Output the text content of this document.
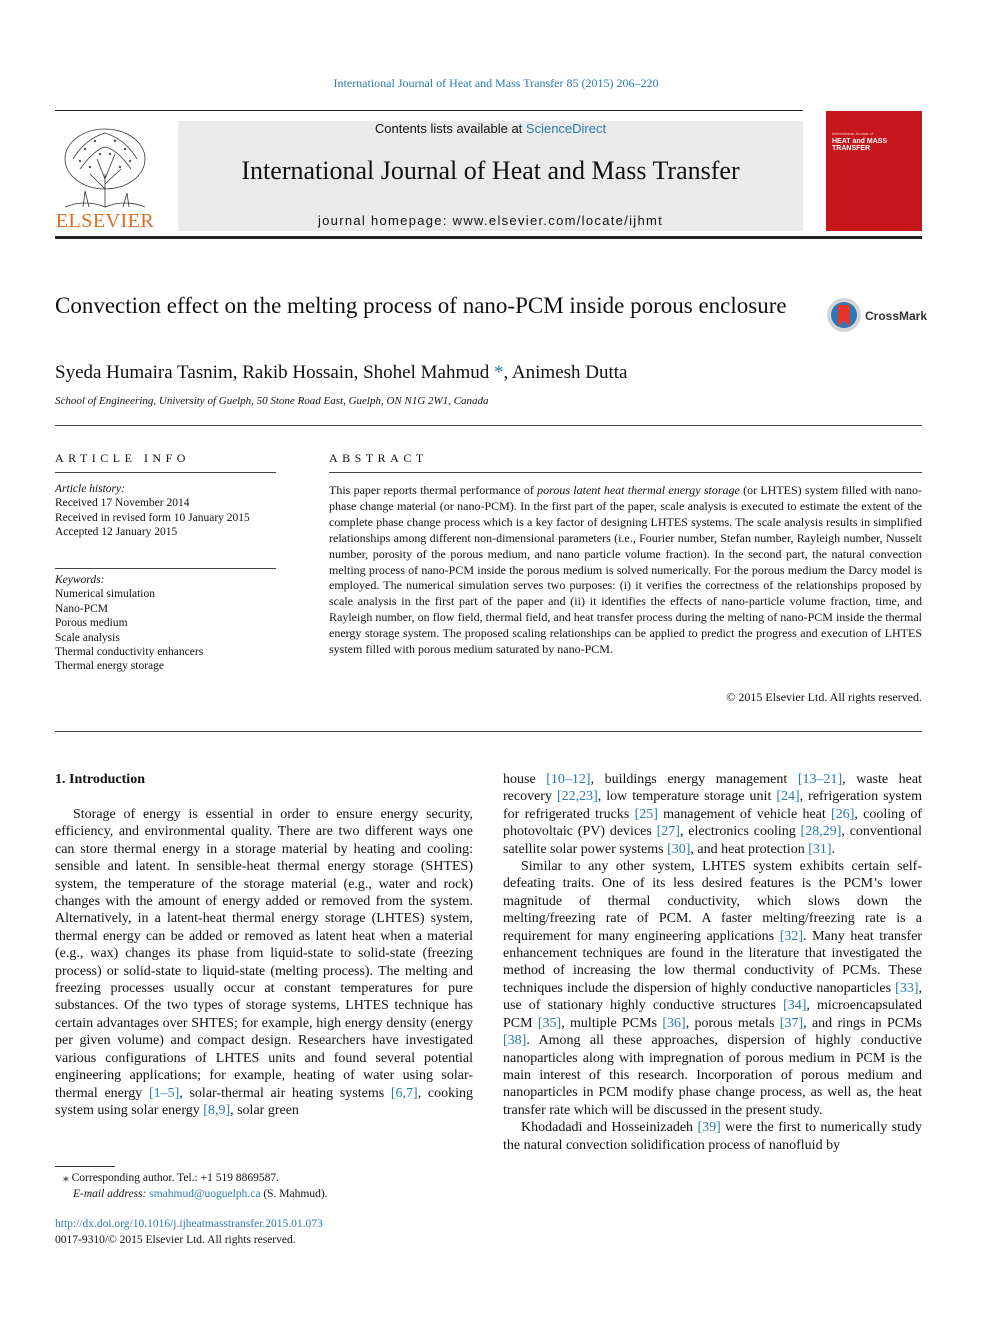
International Journal of Heat and Mass Transfer 85 (2015) 206–220
ELSEVIER
Contents lists available at ScienceDirect
International Journal of Heat and Mass Transfer
journal homepage: www.elsevier.com/locate/ijhmt
International Journal of
HEAT and MASS TRANSFER
Convection effect on the melting process of nano-PCM inside porous enclosure	CrossMark
Syeda Humaira Tasnim, Rakib Hossain, Shohel Mahmud *, Animesh Dutta
School of Engineering, University of Guelph, 50 Stone Road East, Guelph, ON N1G 2W1, Canada
ARTICLE INFO
Article history:
Received 17 November 2014
Received in revised form 10 January 2015
Accepted 12 January 2015
Keywords:
Numerical simulation
Nano-PCM
Porous medium
Scale analysis
Thermal conductivity enhancers
Thermal energy storage
ABSTRACT
This paper reports thermal performance of porous latent heat thermal energy storage (or LHTES) system filled with nano-phase change material (or nano-PCM). In the first part of the paper, scale analysis is executed to estimate the extent of the complete phase change process which is a key factor of designing LHTES systems. The scale analysis results in simplified relationships among different non-dimensional parameters (i.e., Fourier number, Stefan number, Rayleigh number, Nusselt number, porosity of the porous medium, and nano particle volume fraction). In the second part, the natural convection melting process of nano-PCM inside the porous medium is solved numerically. For the porous medium the Darcy model is employed. The numerical simulation serves two purposes: (i) it verifies the correctness of the relationships proposed by scale analysis in the first part of the paper and (ii) it identifies the effects of nano-particle volume fraction, time, and Rayleigh number, on flow field, thermal field, and heat transfer process during the melting of nano-PCM inside the thermal energy storage system. The proposed scaling relationships can be applied to predict the progress and execution of LHTES system filled with porous medium saturated by nano-PCM.
© 2015 Elsevier Ltd. All rights reserved.
1. Introduction

Storage of energy is essential in order to ensure energy security, efficiency, and environmental quality. There are two different ways one can store thermal energy in a storage material by heating and cooling: sensible and latent. In sensible-heat thermal energy storage (SHTES) system, the temperature of the storage material (e.g., water and rock) changes with the amount of energy added or removed from the system. Alternatively, in a latent-heat thermal energy storage (LHTES) system, thermal energy can be added or removed as latent heat when a material (e.g., wax) changes its phase from liquid-state to solid-state (freezing process) or solid-state to liquid-state (melting process). The melting and freezing processes usually occur at constant temperatures for pure substances. Of the two types of storage systems, LHTES technique has certain advantages over SHTES; for example, high energy density (energy per given volume) and compact design. Researchers have investigated various configurations of LHTES units and found several potential engineering applications; for example, heating of water using solar-thermal energy [1–5], solar-thermal air heating systems [6,7], cooking system using solar energy [8,9], solar green

house [10–12], buildings energy management [13–21], waste heat recovery [22,23], low temperature storage unit [24], refrigeration system for refrigerated trucks [25] management of vehicle heat [26], cooling of photovoltaic (PV) devices [27], electronics cooling [28,29], conventional satellite solar power systems [30], and heat protection [31].

Similar to any other system, LHTES system exhibits certain self-defeating traits. One of its less desired features is the PCM’s lower magnitude of thermal conductivity, which slows down the melting/freezing rate of PCM. A faster melting/freezing rate is a requirement for many engineering applications [32]. Many heat transfer enhancement techniques are found in the literature that investigated the method of increasing the low thermal conductivity of PCMs. These techniques include the dispersion of highly conductive nanoparticles [33], use of stationary highly conductive structures [34], microencapsulated PCM [35], multiple PCMs [36], porous metals [37], and rings in PCMs [38]. Among all these approaches, dispersion of highly conductive nanoparticles along with impregnation of porous medium in PCM is the main interest of this research. Incorporation of porous medium and nanoparticles in PCM modify phase change process, as well as, the heat transfer rate which will be discussed in the present study.

Khodadadi and Hosseinizadeh [39] were the first to numerically study the natural convection solidification process of nanofluid by

⁎ Corresponding author. Tel.: +1 519 8869587.
E-mail address: smahmud@uoguelph.ca (S. Mahmud).
http://dx.doi.org/10.1016/j.ijheatmasstransfer.2015.01.073
0017-9310/© 2015 Elsevier Ltd. All rights reserved.
